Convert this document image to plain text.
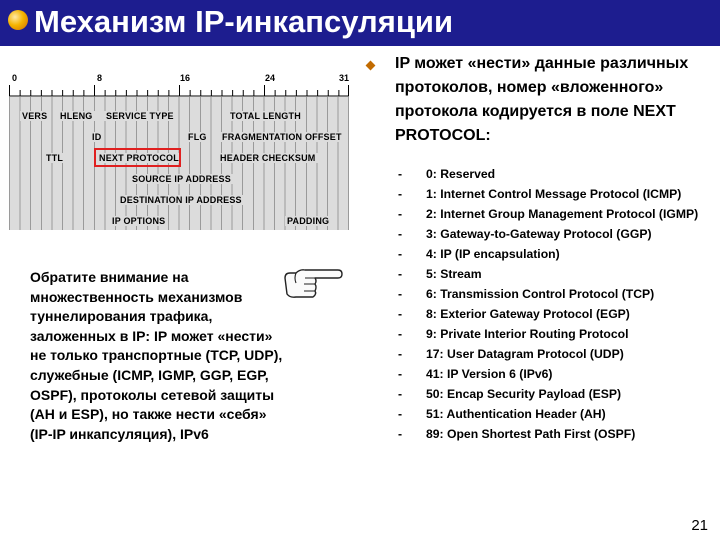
Механизм IP-инкапсуляции
0	8	16	24	31
VERS HLENG SERVICE TYPE	TOTAL LENGTH
ID	FLG FRAGMENTATION OFFSET
TTL	NEXT PROTOCOL	HEADER CHECKSUM
SOURCE IP ADDRESS
DESTINATION IP ADDRESS
IP OPTIONS	PADDING
Обратите внимание на множественность механизмов туннелирования трафика, заложенных в IP: IP может «нести» не только транспортные (TCP, UDP), служебные (ICMP, IGMP, GGP, EGP, OSPF), протоколы сетевой защиты (AH и ESP), но также нести «себя» (IP-IP инкапсуляция), IPv6
IP может «нести» данные различных протоколов, номер «вложенного» протокола кодируется в поле NEXT PROTOCOL:
- 0: Reserved
- 1: Internet Control Message Protocol (ICMP)
- 2: Internet Group Management Protocol (IGMP)
- 3: Gateway-to-Gateway Protocol (GGP)
- 4: IP (IP encapsulation)
- 5: Stream
- 6: Transmission Control Protocol (TCP)
- 8: Exterior Gateway Protocol (EGP)
- 9: Private Interior Routing Protocol
- 17: User Datagram Protocol (UDP)
- 41: IP Version 6 (IPv6)
- 50: Encap Security Payload (ESP)
- 51: Authentication Header (AH)
- 89: Open Shortest Path First (OSPF)
21
